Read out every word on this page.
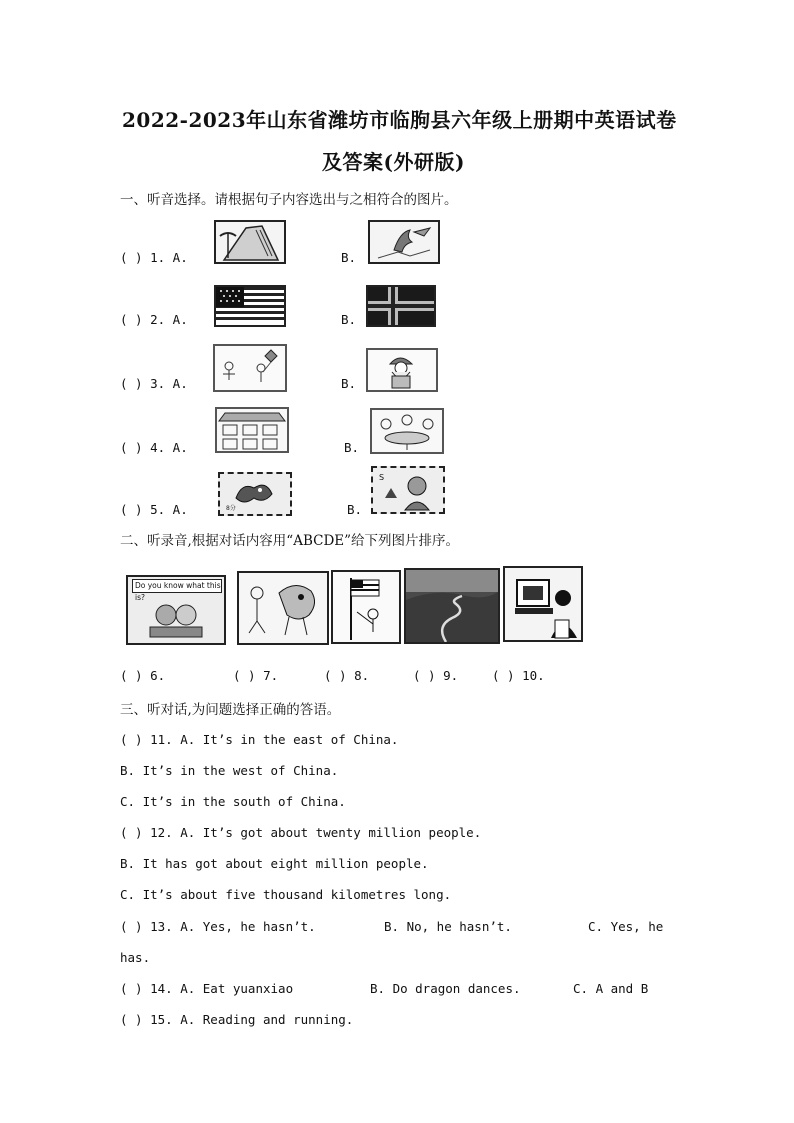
2022-2023年山东省潍坊市临朐县六年级上册期中英语试卷
及答案(外研版)
一、听音选择。请根据句子内容选出与之相符合的图片。
( ) 1. A.	B.
( ) 2. A.	B.
( ) 3. A.	B.
( ) 4. A.	B.
( ) 5. A.	8分	B.
S
二、听录音,根据对话内容用“ABCDE”给下列图片排序。
Do you know what this is?
( ) 6.	( ) 7.	( ) 8.	( ) 9.	( ) 10.
三、听对话,为问题选择正确的答语。
( ) 11. A. It’s in the east of China.
B. It’s in the west of China.
C. It’s in the south of China.
( ) 12. A. It’s got about twenty million people.
B. It has got about eight million people.
C. It’s about five thousand kilometres long.
( ) 13. A. Yes, he hasn’t.	B. No, he hasn’t.	C. Yes, he
has.
( ) 14. A. Eat yuanxiao	B. Do dragon dances.	C. A and B
( ) 15. A. Reading and running.
